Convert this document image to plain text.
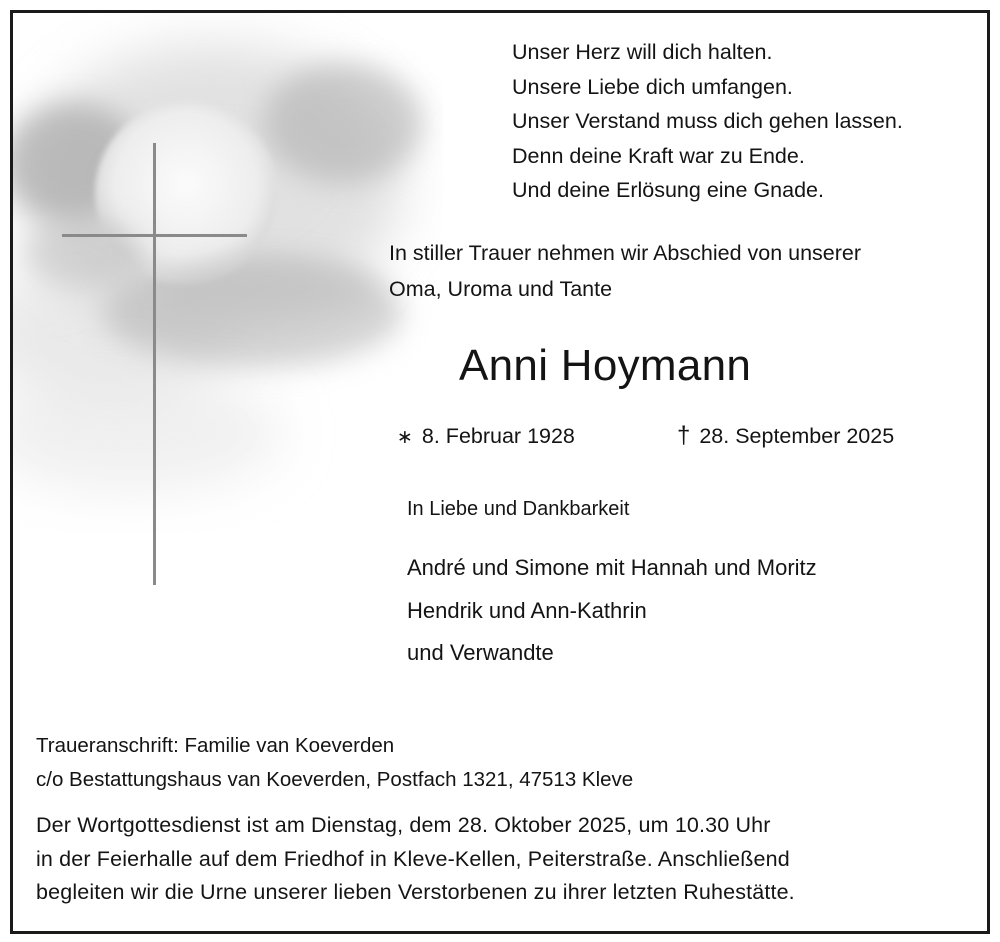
Unser Herz will dich halten.
Unsere Liebe dich umfangen.
Unser Verstand muss dich gehen lassen.
Denn deine Kraft war zu Ende.
Und deine Erlösung eine Gnade.
In stiller Trauer nehmen wir Abschied von unserer
Oma, Uroma und Tante
Anni Hoymann
∗ 8. Februar 1928	† 28. September 2025
In Liebe und Dankbarkeit
André und Simone mit Hannah und Moritz
Hendrik und Ann-Kathrin
und Verwandte
Traueranschrift: Familie van Koeverden
c/o Bestattungshaus van Koeverden, Postfach 1321, 47513 Kleve
Der Wortgottesdienst ist am Dienstag, dem 28. Oktober 2025, um 10.30 Uhr
in der Feierhalle auf dem Friedhof in Kleve-Kellen, Peiterstraße. Anschließend
begleiten wir die Urne unserer lieben Verstorbenen zu ihrer letzten Ruhestätte.
